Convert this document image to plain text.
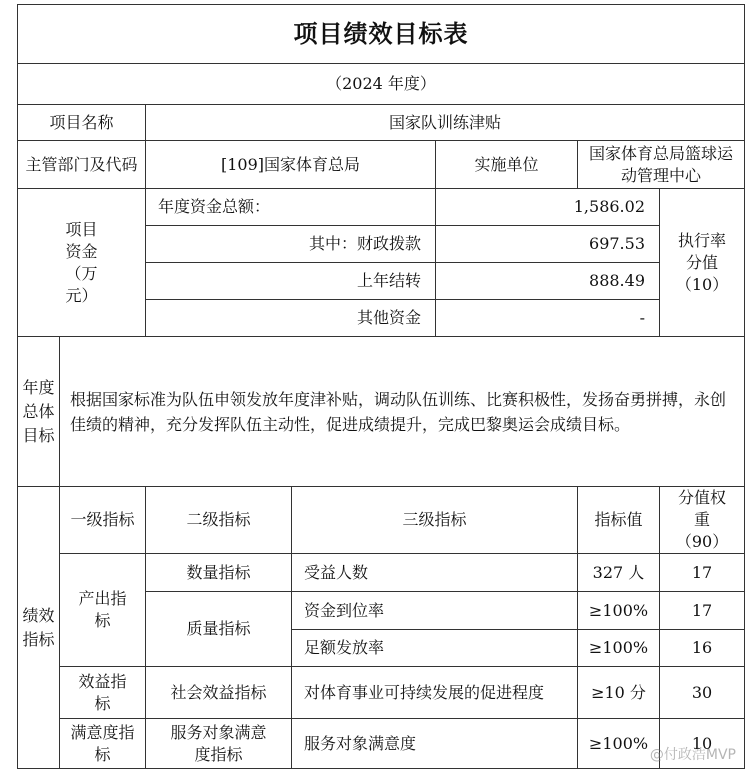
项目绩效目标表						
（2024 年度）						
项目名称		国家队训练津贴				
主管部门及代码		[109]国家体育总局		实施单位	国家体育总局篮球运动管理中心	
项目资金（万元）		年度资金总额：		1,586.02		执行率分值（10）
		其中：财政拨款		697.53		
		上年结转		888.49		
		其他资金		-		
年度总体目标	根据国家标准为队伍申领发放年度津补贴，调动队伍训练、比赛积极性，发扬奋勇拼搏，永创佳绩的精神，充分发挥队伍主动性，促进成绩提升，完成巴黎奥运会成绩目标。					
绩效指标	一级指标	二级指标	三级指标		指标值	分值权重（90）
	产出指标	数量指标	受益人数		327 人	17
		质量指标	资金到位率		≥100%	17
			足额发放率		≥100%	16
	效益指标	社会效益指标	对体育事业可持续发展的促进程度		≥10 分	30
	满意度指标	服务对象满意度指标	服务对象满意度		≥100%	10
@付政浩MVP
